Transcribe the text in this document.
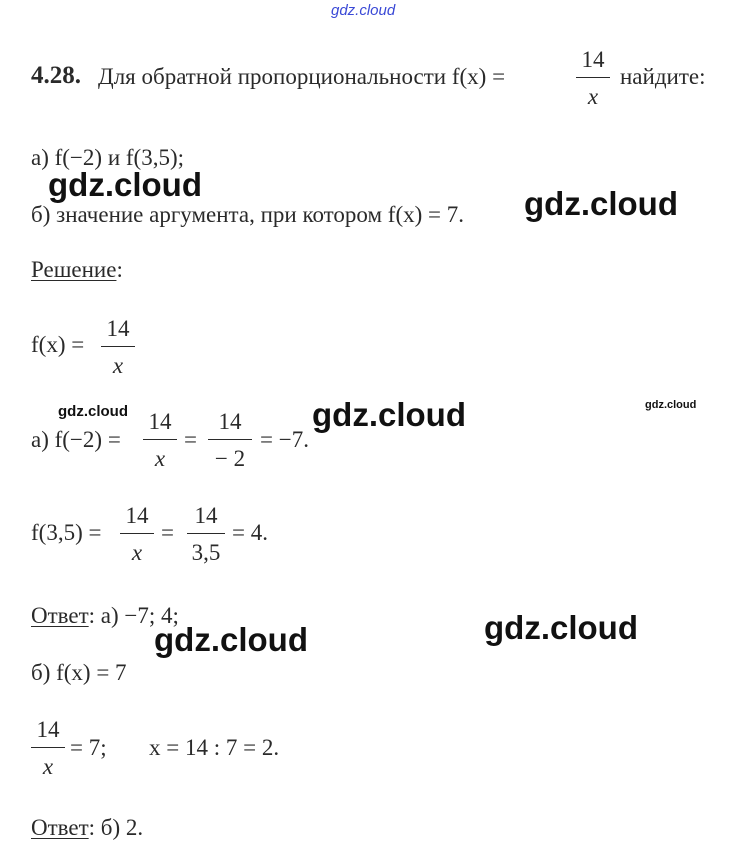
gdz.cloud
4.28. Для обратной пропорциональности f(x) =
14
x
найдите:
а) f(−2) и f(3,5);
б) значение аргумента, при котором f(x) = 7.
Решение:
f(x) =
14
x
а) f(−2) =
14
x
=
14
− 2
= −7.
f(3,5) =
14
x
=
14
3,5
= 4.
Ответ: а) −7; 4;
б) f(x) = 7
14
x
= 7; x = 14 : 7 = 2.
Ответ: б) 2.
gdz.cloud
gdz.cloud
gdz.cloud	gdz.cloud	gdz.cloud
gdz.cloud	gdz.cloud
